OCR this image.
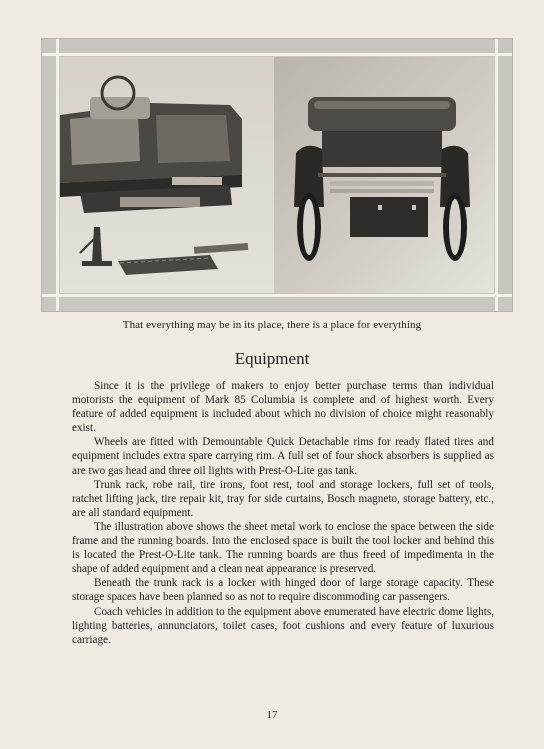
That everything may be in its place, there is a place for everything
Equipment

Since it is the privilege of makers to enjoy better purchase terms than individual motorists the equipment of Mark 85 Columbia is complete and of highest worth. Every feature of added equipment is included about which no division of choice might reasonably exist.

Wheels are fitted with Demountable Quick Detachable rims for ready flated tires and equipment includes extra spare carrying rim. A full set of four shock absorbers is supplied as are two gas head and three oil lights with Prest-O-Lite gas tank.

Trunk rack, robe rail, tire irons, foot rest, tool and storage lockers, full set of tools, ratchet lifting jack, tire repair kit, tray for side curtains, Bosch magneto, storage battery, etc., are all standard equipment.

The illustration above shows the sheet metal work to enclose the space between the side frame and the running boards. Into the enclosed space is built the tool locker and behind this is located the Prest-O-Lite tank. The running boards are thus freed of impedimenta in the shape of added equipment and a clean neat appearance is preserved.

Beneath the trunk rack is a locker with hinged door of large storage capacity. These storage spaces have been planned so as not to require discommoding car passengers.

Coach vehicles in addition to the equipment above enumerated have electric dome lights, lighting batteries, annunciators, toilet cases, foot cushions and every feature of luxurious carriage.

17
